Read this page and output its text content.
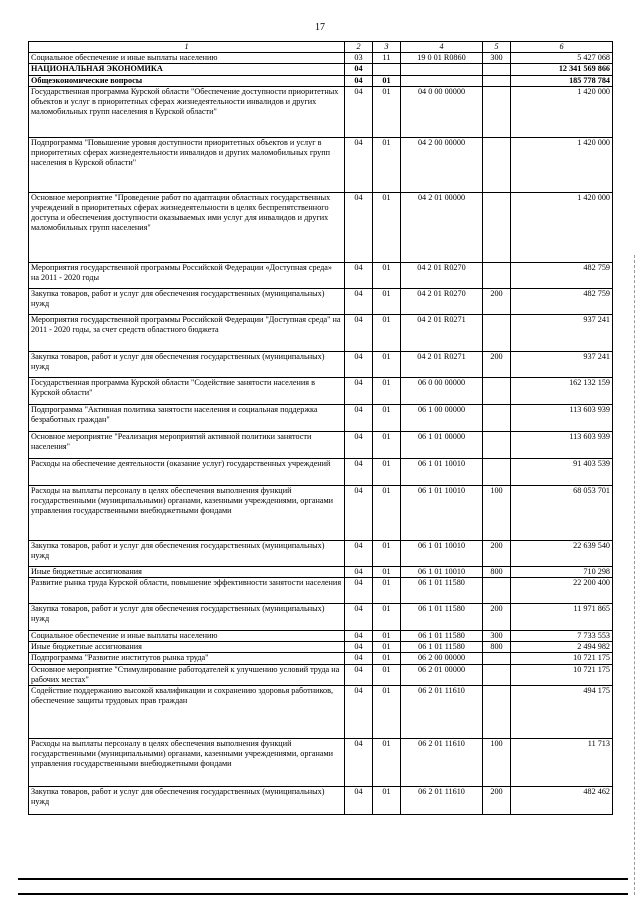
17
1	2	3	4	5	6
Социальное обеспечение и иные выплаты населению	03	11	19 0 01 R0860	300	5 427 068
НАЦИОНАЛЬНАЯ ЭКОНОМИКА	04				12 341 569 866
Общеэкономические вопросы	04	01			185 778 784
Государственная программа Курской области "Обеспечение доступности приоритетных объектов и услуг в приоритетных сферах жизнедеятельности инвалидов и других маломобильных групп населения в Курской области"	04	01	04 0 00 00000		1 420 000
Подпрограмма "Повышение уровня доступности приоритетных объектов и услуг в приоритетных сферах жизнедеятельности инвалидов и других маломобильных групп населения в Курской области"	04	01	04 2 00 00000		1 420 000
Основное мероприятие "Проведение работ по адаптации областных государственных учреждений в приоритетных сферах жизнедеятельности в целях беспрепятственного доступа и обеспечения доступности оказываемых ими услуг для инвалидов и других маломобильных групп населения"	04	01	04 2 01 00000		1 420 000
Мероприятия государственной программы Российской Федерации «Доступная среда» на 2011 - 2020 годы	04	01	04 2 01 R0270		482 759
Закупка товаров, работ и услуг для обеспечения государственных (муниципальных) нужд	04	01	04 2 01 R0270	200	482 759
Мероприятия государственной программы Российской Федерации "Доступная среда" на 2011 - 2020 годы, за счет средств областного бюджета	04	01	04 2 01 R0271		937 241
Закупка товаров, работ и услуг для обеспечения государственных (муниципальных) нужд	04	01	04 2 01 R0271	200	937 241
Государственная программа Курской области "Содействие занятости населения в Курской области"	04	01	06 0 00 00000		162 132 159
Подпрограмма "Активная политика занятости населения и социальная поддержка безработных граждан"	04	01	06 1 00 00000		113 603 939
Основное мероприятие "Реализация мероприятий активной политики занятости населения"	04	01	06 1 01 00000		113 603 939
Расходы на обеспечение деятельности (оказание услуг) государственных учреждений	04	01	06 1 01 10010		91 403 539
Расходы на выплаты персоналу в целях обеспечения выполнения функций государственными (муниципальными) органами, казенными учреждениями, органами управления государственными внебюджетными фондами	04	01	06 1 01 10010	100	68 053 701
Закупка товаров, работ и услуг для обеспечения государственных (муниципальных) нужд	04	01	06 1 01 10010	200	22 639 540
Иные бюджетные ассигнования	04	01	06 1 01 10010	800	710 298
Развитие рынка труда Курской области, повышение эффективности занятости населения	04	01	06 1 01 11580		22 200 400
Закупка товаров, работ и услуг для обеспечения государственных (муниципальных) нужд	04	01	06 1 01 11580	200	11 971 865
Социальное обеспечение и иные выплаты населению	04	01	06 1 01 11580	300	7 733 553
Иные бюджетные ассигнования	04	01	06 1 01 11580	800	2 494 982
Подпрограмма "Развитие институтов рынка труда"	04	01	06 2 00 00000		10 721 175
Основное мероприятие "Стимулирование работодателей к улучшению условий труда на рабочих местах"	04	01	06 2 01 00000		10 721 175
Содействие поддержанию высокой квалификации и сохранению здоровья работников, обеспечение защиты трудовых прав граждан	04	01	06 2 01 11610		494 175
Расходы на выплаты персоналу в целях обеспечения выполнения функций государственными (муниципальными) органами, казенными учреждениями, органами управления государственными внебюджетными фондами	04	01	06 2 01 11610	100	11 713
Закупка товаров, работ и услуг для обеспечения государственных (муниципальных) нужд	04	01	06 2 01 11610	200	482 462
